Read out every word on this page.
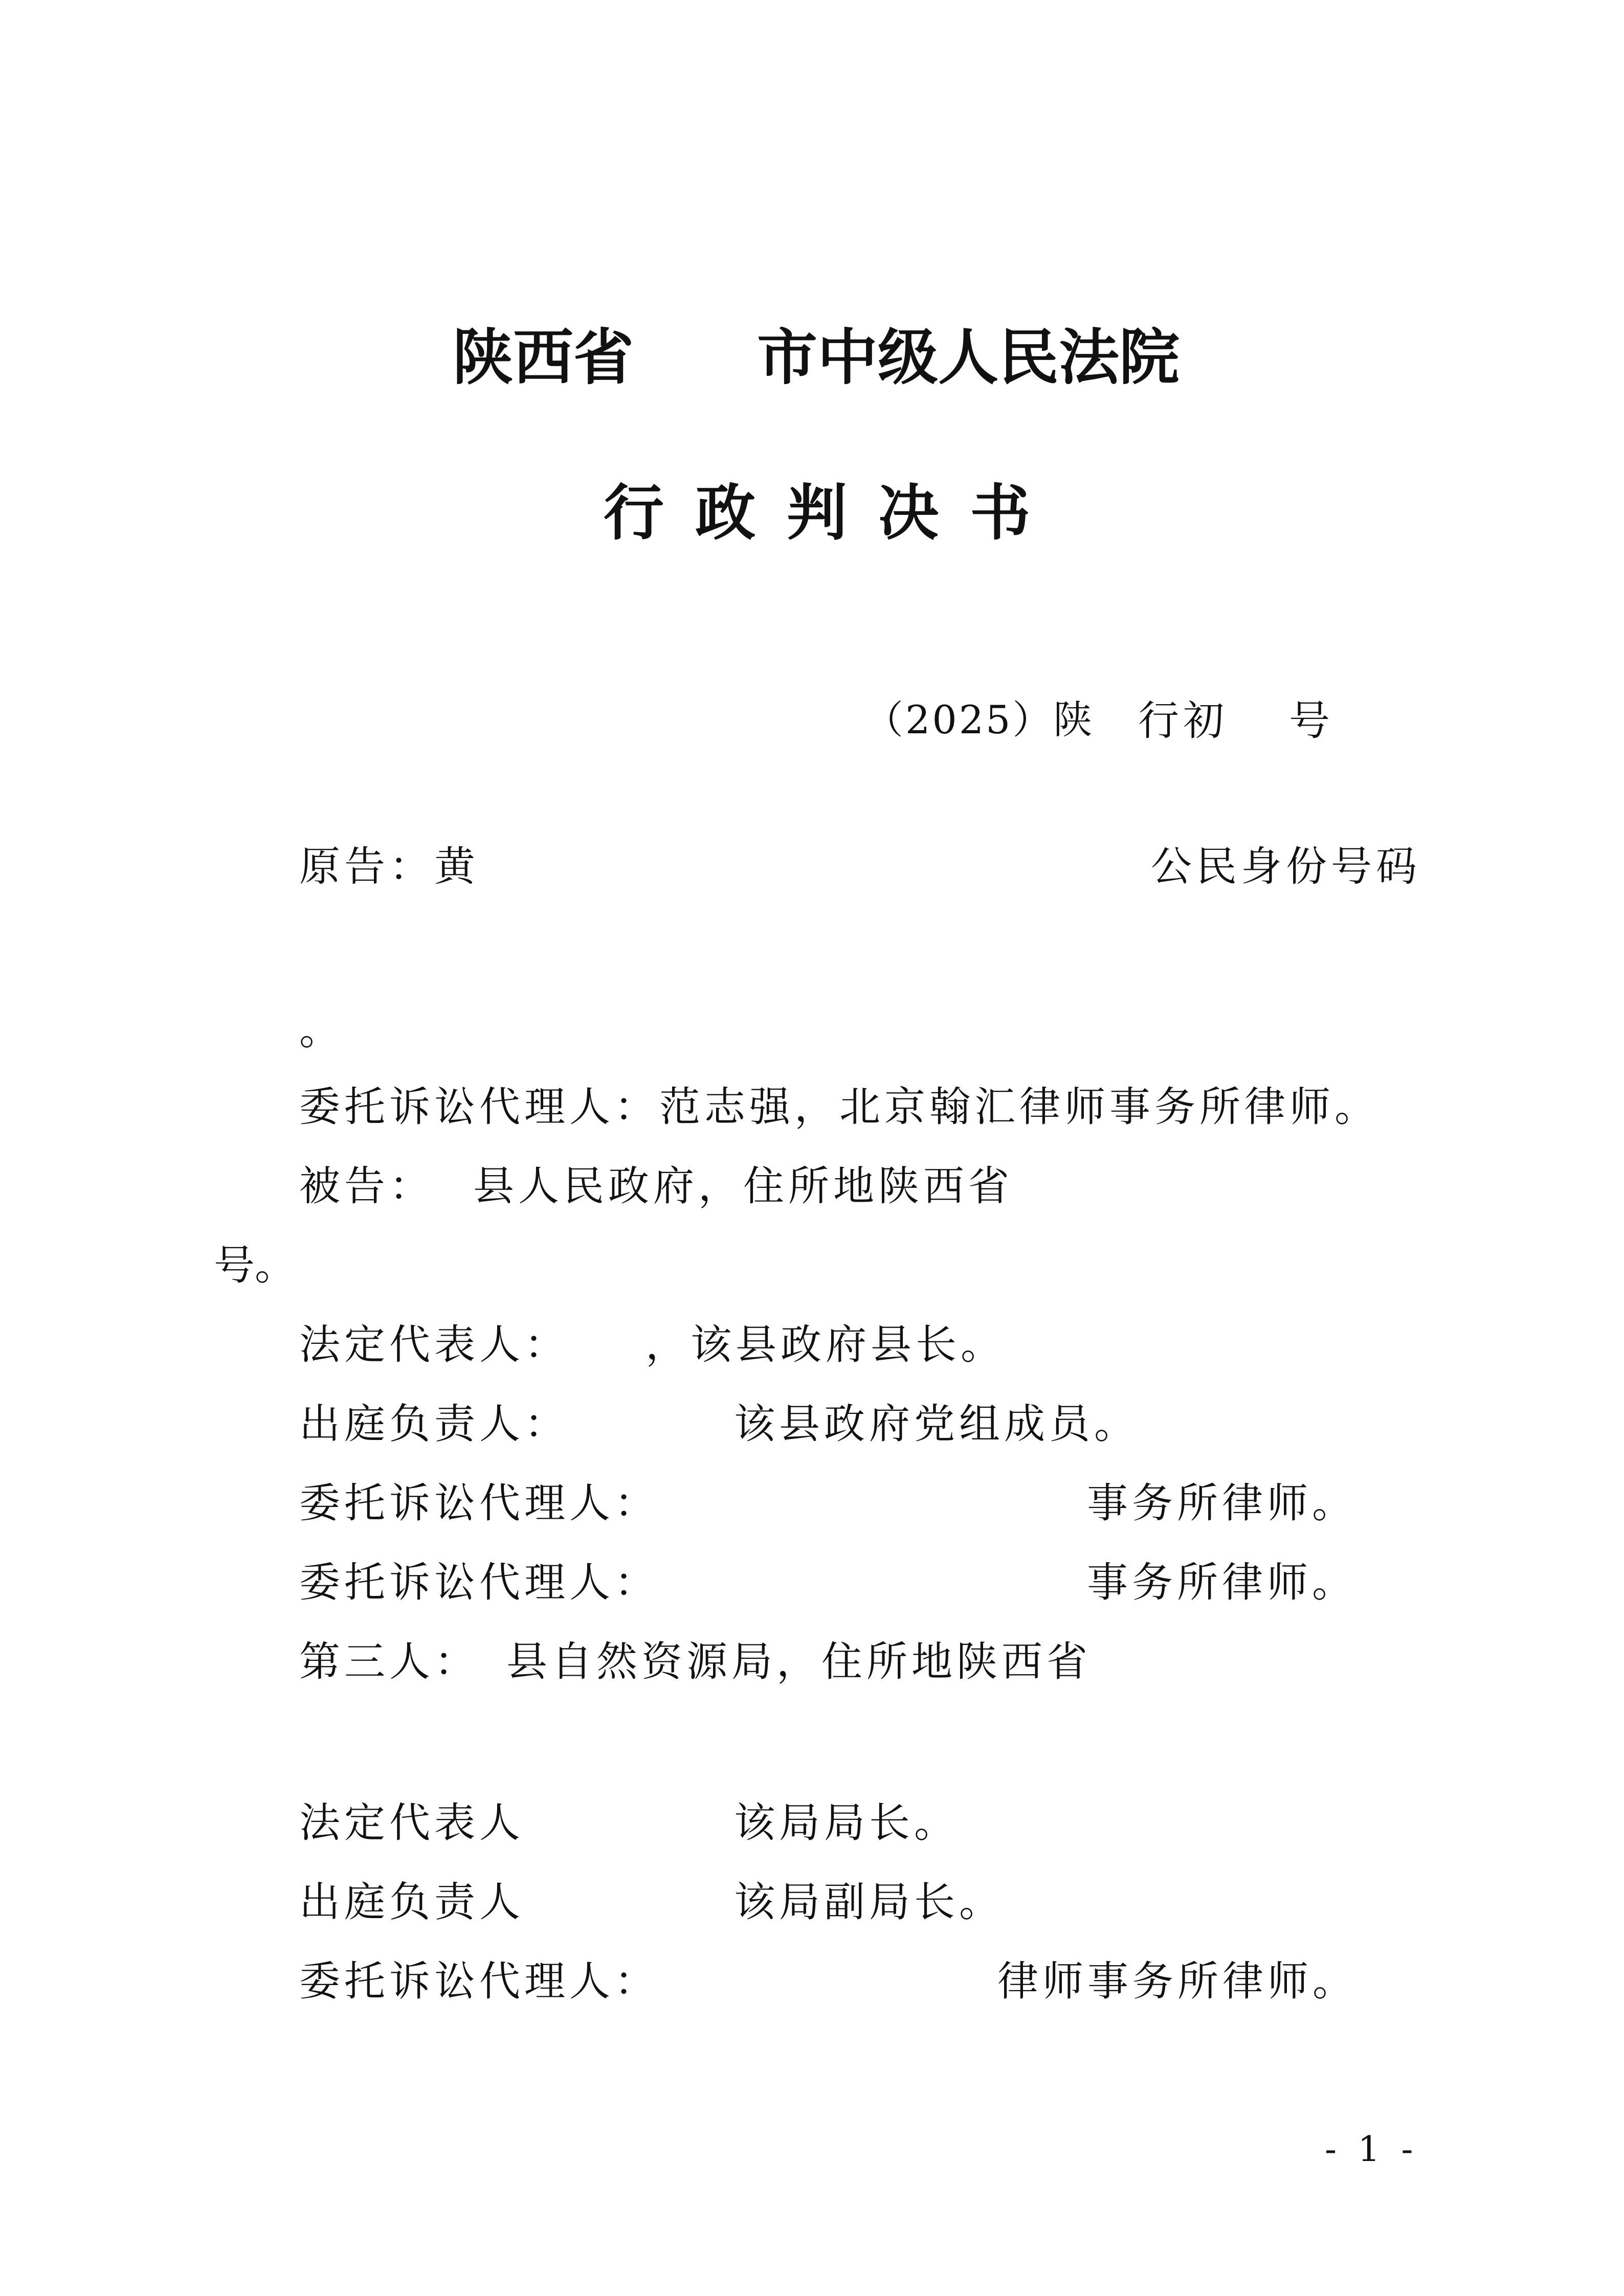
陕西省 市中级人民法院
行 政 判 决 书
（2025）陕 行初 号
原告：黄	公民身份号码
。
委托诉讼代理人：范志强，北京翰汇律师事务所律师。
被告： 县人民政府，住所地陕西省
号。
法定代表人： ，该县政府县长。
出庭负责人：	该县政府党组成员。
委托诉讼代理人：	事务所律师。
委托诉讼代理人：	事务所律师。
第三人： 县自然资源局，住所地陕西省
法定代表人	该局局长。
出庭负责人	该局副局长。
委托诉讼代理人：	律师事务所律师。
- 1 -
